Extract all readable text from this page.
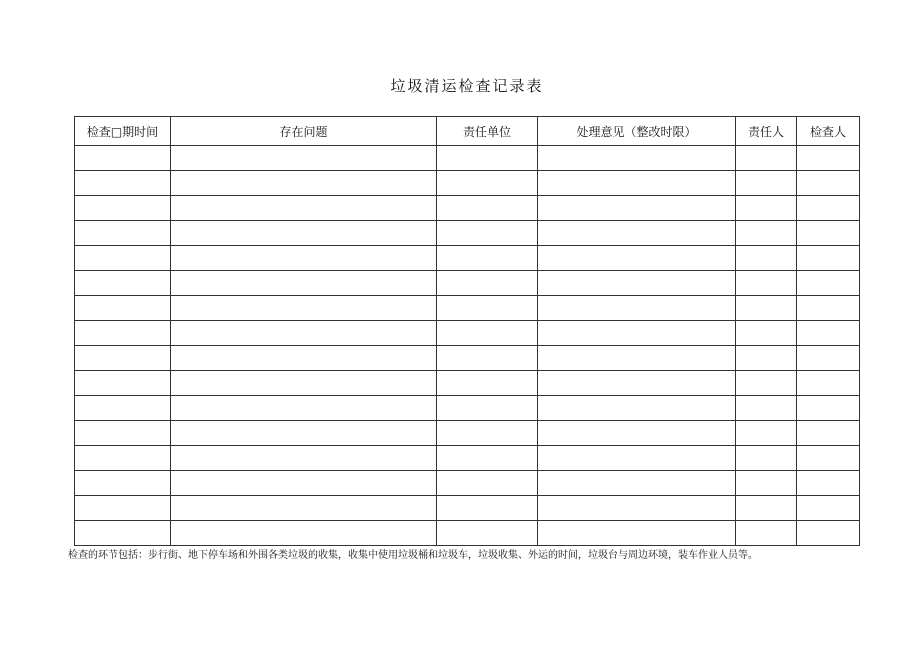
垃圾清运检查记录表
检查□期时间	存在问题	责任单位	处理意见（整改时限）	责任人	检查人

检查的环节包括：步行街、地下停车场和外围各类垃圾的收集，收集中使用垃圾桶和垃圾车，垃圾收集、外运的时间，垃圾台与周边环境，装车作业人员等。
